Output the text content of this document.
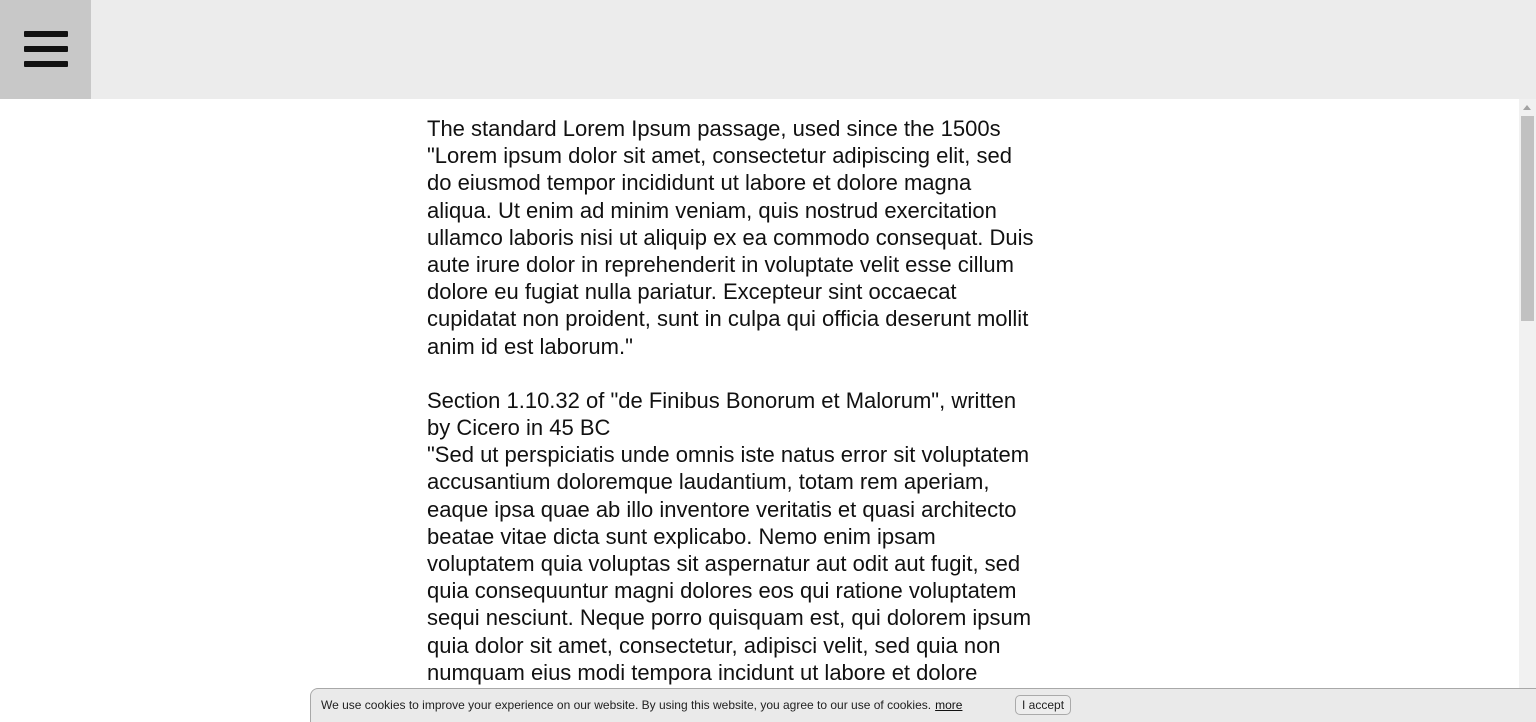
The standard Lorem Ipsum passage, used since the 1500s
"Lorem ipsum dolor sit amet, consectetur adipiscing elit, sed
do eiusmod tempor incididunt ut labore et dolore magna
aliqua. Ut enim ad minim veniam, quis nostrud exercitation
ullamco laboris nisi ut aliquip ex ea commodo consequat. Duis
aute irure dolor in reprehenderit in voluptate velit esse cillum
dolore eu fugiat nulla pariatur. Excepteur sint occaecat
cupidatat non proident, sunt in culpa qui officia deserunt mollit
anim id est laborum."

Section 1.10.32 of "de Finibus Bonorum et Malorum", written
by Cicero in 45 BC
"Sed ut perspiciatis unde omnis iste natus error sit voluptatem
accusantium doloremque laudantium, totam rem aperiam,
eaque ipsa quae ab illo inventore veritatis et quasi architecto
beatae vitae dicta sunt explicabo. Nemo enim ipsam
voluptatem quia voluptas sit aspernatur aut odit aut fugit, sed
quia consequuntur magni dolores eos qui ratione voluptatem
sequi nesciunt. Neque porro quisquam est, qui dolorem ipsum
quia dolor sit amet, consectetur, adipisci velit, sed quia non
numquam eius modi tempora incidunt ut labore et dolore

We use cookies to improve your experience on our website. By using this website, you agree to our use of cookies. more	I accept
